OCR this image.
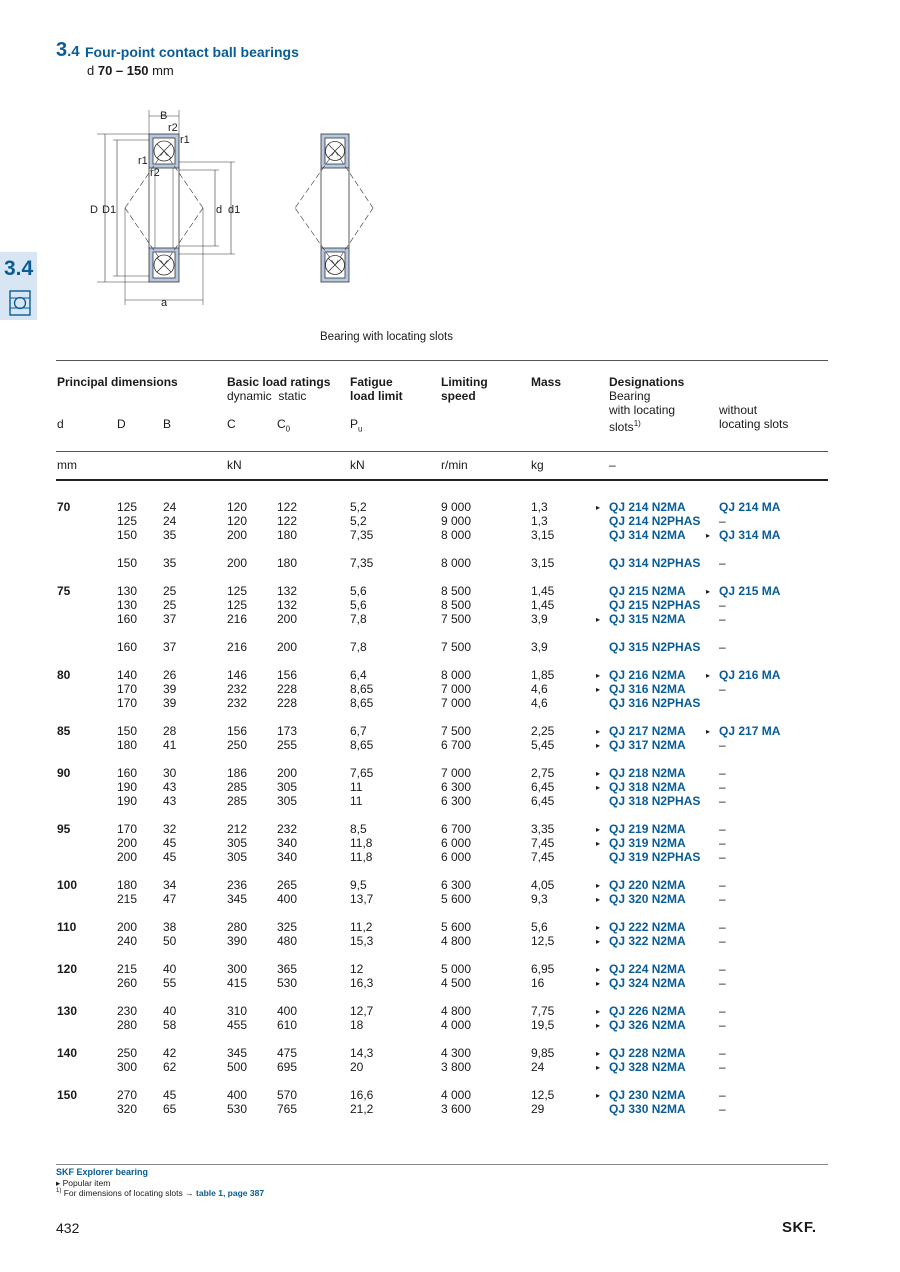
3.4 Four-point contact ball bearings
d 70 – 150 mm
3.4
B
r2
r1
r1
r2
D D1	d d1
a
Bearing with locating slots
Principal dimensions	Basic load ratings
dynamic  static
Fatigue
load limit
Limiting
speed
Mass	Designations
Bearing
with locating
slots$^{1)}$
without
locating slots
d	D	B	C	$C_0$	$P_u$
mm	kN	kN	r/min	kg	–
70	125 24	120 122	5,2	9 000	1,3	▸ QJ 214 N2MA	QJ 214 MA
125 24	120 122	5,2	9 000	1,3	QJ 214 N2PHAS –
150 35	200 180	7,35	8 000	3,15	QJ 314 N2MA	▸ QJ 314 MA
150 35	200 180	7,35	8 000	3,15	QJ 314 N2PHAS –
75	130 25	125 132	5,6	8 500	1,45	QJ 215 N2MA	▸ QJ 215 MA
130 25	125 132	5,6	8 500	1,45	QJ 215 N2PHAS –
160 37	216 200	7,8	7 500	3,9	▸ QJ 315 N2MA	–
160 37	216 200	7,8	7 500	3,9	QJ 315 N2PHAS –
80	140 26	146 156	6,4	8 000	1,85	▸ QJ 216 N2MA	▸ QJ 216 MA
170 39	232 228	8,65	7 000	4,6	▸ QJ 316 N2MA	–
170 39	232 228	8,65	7 000	4,6	QJ 316 N2PHAS
85	150 28	156 173	6,7	7 500	2,25	▸ QJ 217 N2MA	▸ QJ 217 MA
180 41	250 255	8,65	6 700	5,45	▸ QJ 317 N2MA	–
90	160 30	186 200	7,65	7 000	2,75	▸ QJ 218 N2MA	–
190 43	285 305	11	6 300	6,45	▸ QJ 318 N2MA	–
190 43	285 305	11	6 300	6,45	QJ 318 N2PHAS –
95	170 32	212 232	8,5	6 700	3,35	▸ QJ 219 N2MA	–
200 45	305 340	11,8	6 000	7,45	▸ QJ 319 N2MA	–
200 45	305 340	11,8	6 000	7,45	QJ 319 N2PHAS –
100	180 34	236 265	9,5	6 300	4,05	▸ QJ 220 N2MA	–
215 47	345 400	13,7	5 600	9,3	▸ QJ 320 N2MA	–
110	200 38	280 325	11,2	5 600	5,6	▸ QJ 222 N2MA	–
240 50	390 480	15,3	4 800	12,5	▸ QJ 322 N2MA	–
120	215 40	300 365	12	5 000	6,95	▸ QJ 224 N2MA	–
260 55	415 530	16,3	4 500	16	▸ QJ 324 N2MA	–
130	230 40	310 400	12,7	4 800	7,75	▸ QJ 226 N2MA	–
280 58	455 610	18	4 000	19,5	▸ QJ 326 N2MA	–
140	250 42	345 475	14,3	4 300	9,85	▸ QJ 228 N2MA	–
300 62	500 695	20	3 800	24	▸ QJ 328 N2MA	–
150	270 45	400 570	16,6	4 000	12,5	▸ QJ 230 N2MA	–
320 65	530 765	21,2	3 600	29	QJ 330 N2MA	–
SKF Explorer bearing
▸ Popular item
$^{1)}$ For dimensions of locating slots → table 1, page 387
432	SKF.
